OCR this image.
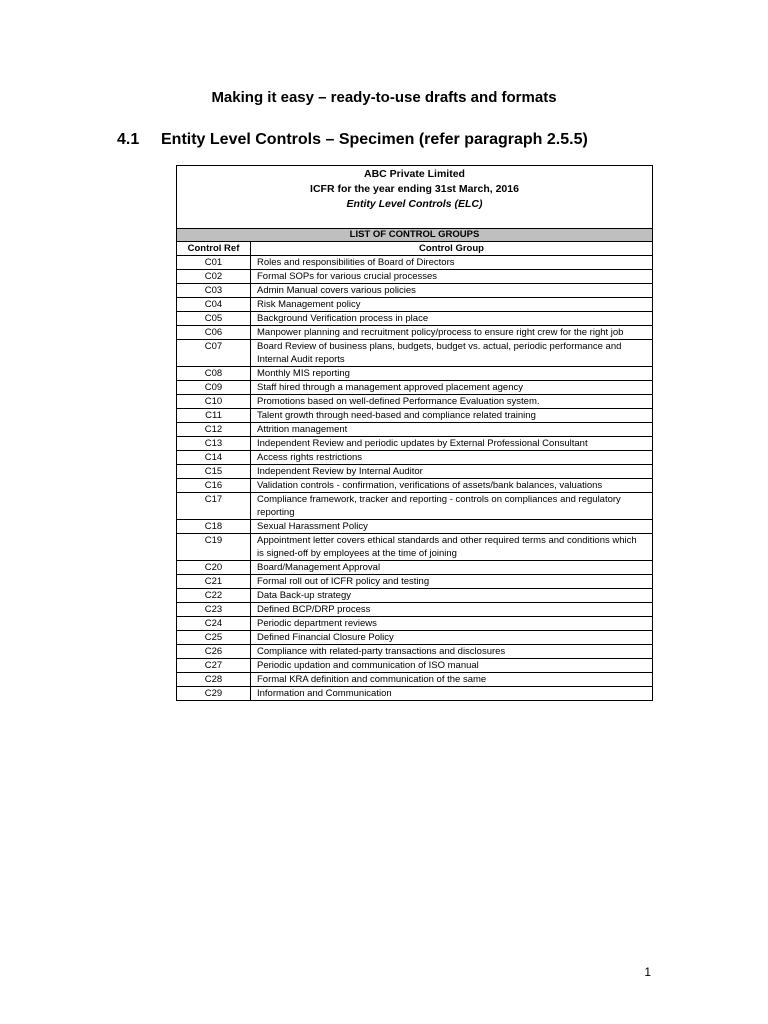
Making it easy – ready-to-use drafts and formats
4.1 Entity Level Controls – Specimen (refer paragraph 2.5.5)
ABC Private Limited
ICFR for the year ending 31st March, 2016
Entity Level Controls (ELC)	

LIST OF CONTROL GROUPS	
Control Ref	Control Group
C01	Roles and responsibilities of Board of Directors
C02	Formal SOPs for various crucial processes
C03	Admin Manual covers various policies
C04	Risk Management policy
C05	Background Verification process in place
C06	Manpower planning and recruitment policy/process to ensure right crew for the right job
C07	Board Review of business plans, budgets, budget vs. actual, periodic performance and Internal Audit reports
C08	Monthly MIS reporting
C09	Staff hired through a management approved placement agency
C10	Promotions based on well-defined Performance Evaluation system.
C11	Talent growth through need-based and compliance related training
C12	Attrition management
C13	Independent Review and periodic updates by External Professional Consultant
C14	Access rights restrictions
C15	Independent Review by Internal Auditor
C16	Validation controls - confirmation, verifications of assets/bank balances, valuations
C17	Compliance framework, tracker and reporting - controls on compliances and regulatory reporting
C18	Sexual Harassment Policy
C19	Appointment letter covers ethical standards and other required terms and conditions which is signed-off by employees at the time of joining
C20	Board/Management Approval
C21	Formal roll out of ICFR policy and testing
C22	Data Back-up strategy
C23	Defined BCP/DRP process
C24	Periodic department reviews
C25	Defined Financial Closure Policy
C26	Compliance with related-party transactions and disclosures
C27	Periodic updation and communication of ISO manual
C28	Formal KRA definition and communication of the same
C29	Information and Communication
1
